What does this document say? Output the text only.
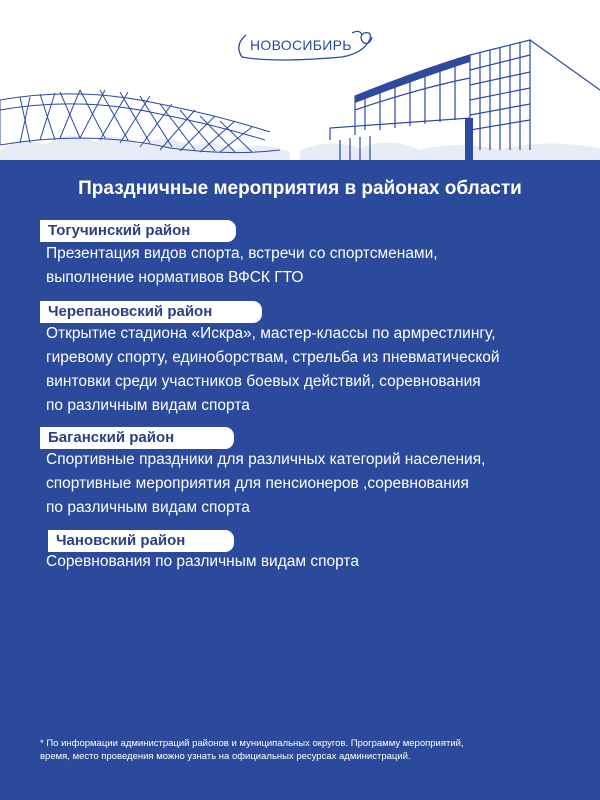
НОВОСИБИРЬ
Праздничные мероприятия в районах области
Тогучинский район
Презентация видов спорта, встречи со спортсменами,
выполнение нормативов ВФСК ГТО
Черепановский район
Открытие стадиона «Искра», мастер-классы по армрестлингу,
гиревому спорту, единоборствам, стрельба из пневматической
винтовки среди участников боевых действий, соревнования
по различным видам спорта
Баганский район
Спортивные праздники для различных категорий населения,
спортивные мероприятия для пенсионеров ,соревнования
по различным видам спорта
Чановский район
Соревнования по различным видам спорта
* По информации администраций районов и муниципальных округов. Программу мероприятий,
время, место проведения можно узнать на официальных ресурсах администраций.
